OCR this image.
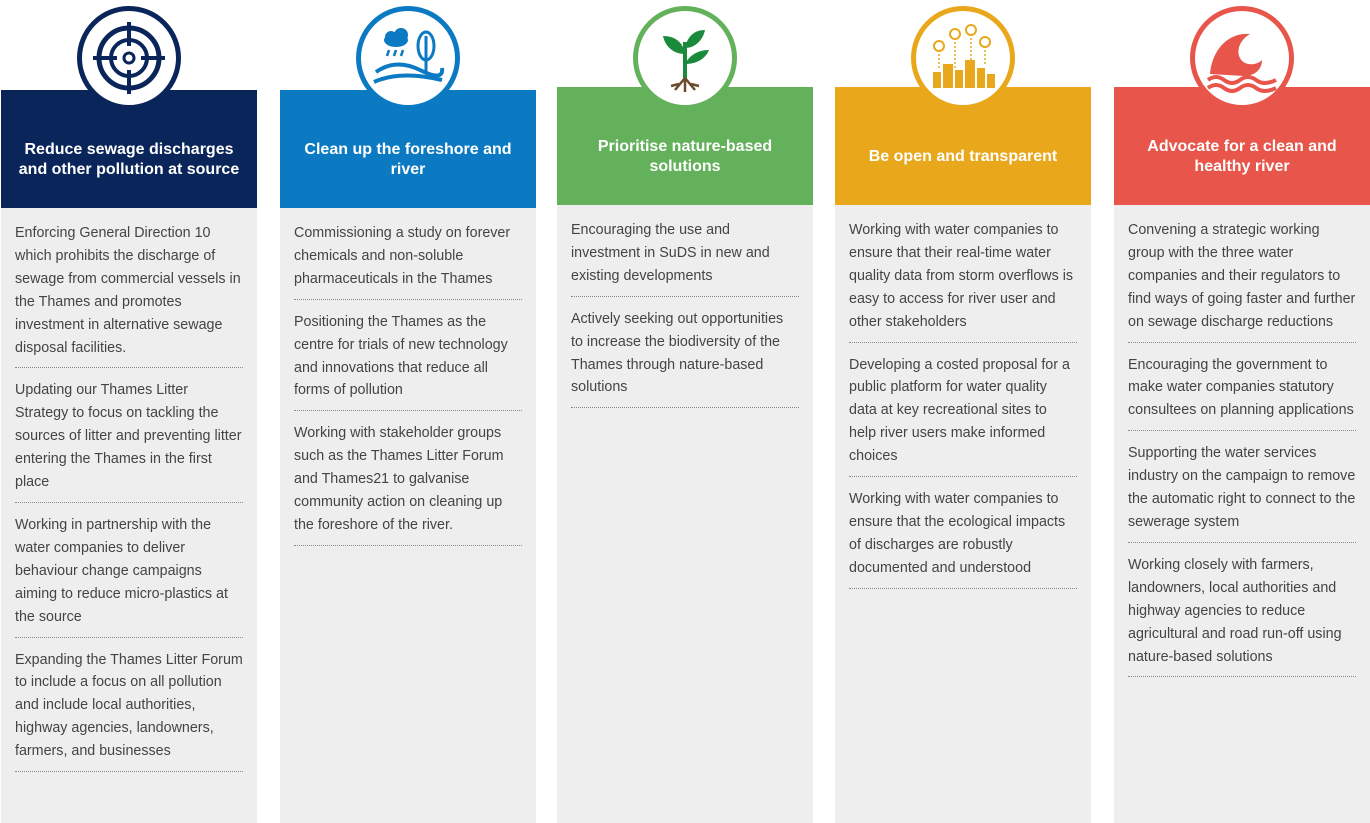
Reduce sewage discharges and other pollution at source
Enforcing General Direction 10 which prohibits the discharge of sewage from commercial vessels in the Thames and promotes investment in alternative sewage disposal facilities.
Updating our Thames Litter Strategy to focus on tackling the sources of litter and preventing litter entering the Thames in the first place
Working in partnership with the water companies to deliver behaviour change campaigns aiming to reduce micro-plastics at the source
Expanding the Thames Litter Forum to include a focus on all pollution and include local authorities, highway agencies, landowners, farmers, and businesses
Clean up the foreshore and river
Commissioning a study on forever chemicals and non-soluble pharmaceuticals in the Thames
Positioning the Thames as the centre for trials of new technology and innovations that reduce all forms of pollution
Working with stakeholder groups such as the Thames Litter Forum and Thames21 to galvanise community action on cleaning up the foreshore of the river.
Prioritise nature-based solutions
Encouraging the use and investment in SuDS in new and existing developments
Actively seeking out opportunities to increase the biodiversity of the Thames through nature-based solutions
Be open and transparent
Working with water companies to ensure that their real-time water quality data from storm overflows is easy to access for river user and other stakeholders
Developing a costed proposal for a public platform for water quality data at key recreational sites to help river users make informed choices
Working with water companies to ensure that the ecological impacts of discharges are robustly documented and understood
Advocate for a clean and healthy river
Convening a strategic working group with the three water companies and their regulators to find ways of going faster and further on sewage discharge reductions
Encouraging the government to make water companies statutory consultees on planning applications
Supporting the water services industry on the campaign to remove the automatic right to connect to the sewerage system
Working closely with farmers, landowners, local authorities and highway agencies to reduce agricultural and road run-off using nature-based solutions
